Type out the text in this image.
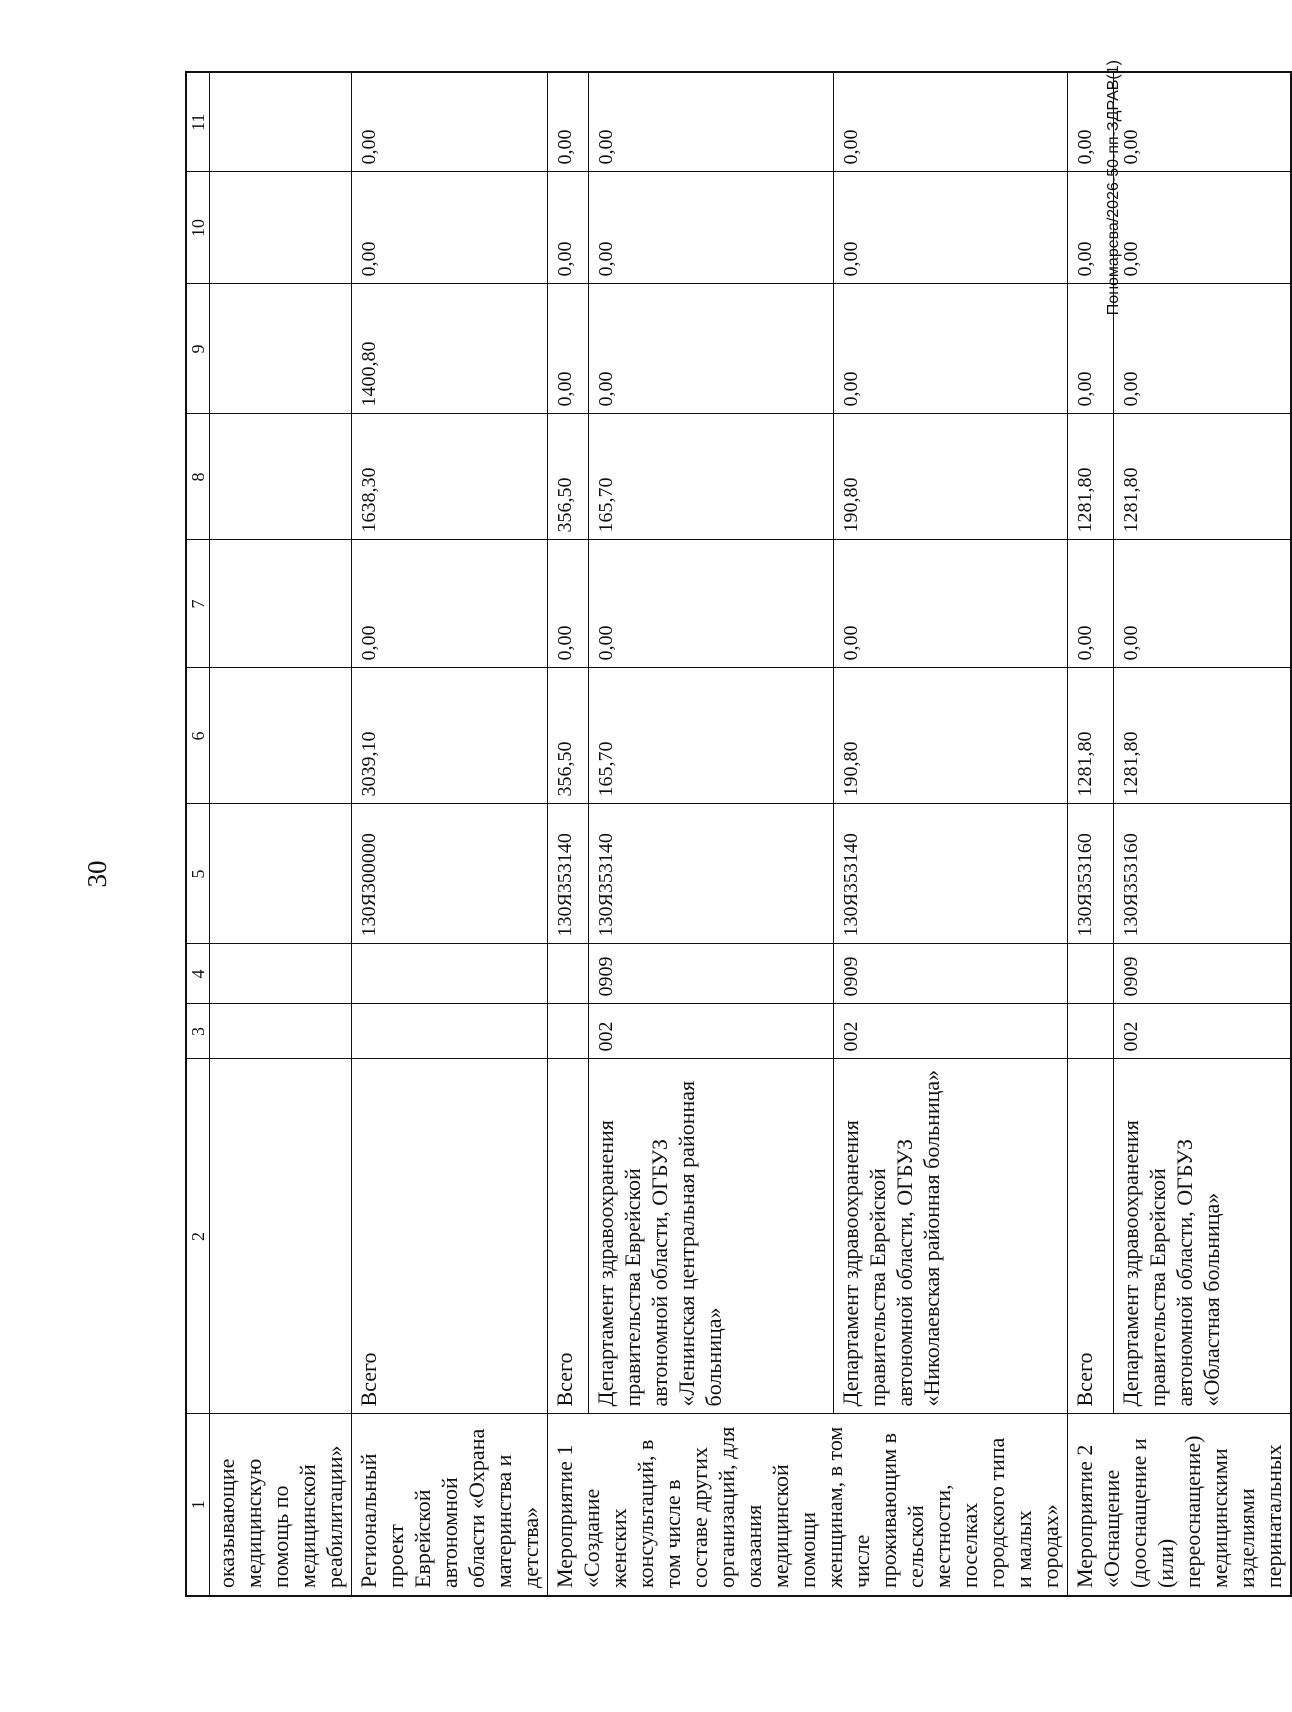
30
1	2	3	4	5	6	7	8	9	10	11
оказывающие медицинскую помощь по медицинской реабилитации»										
Региональный проект Еврейской автономной области «Охрана материнства и детства»	Всего			130Я300000	3039,10	0,00	1638,30	1400,80	0,00	0,00
Мероприятие 1 «Создание женских консультаций, в том числе в составе других организаций, для оказания медицинской помощи женщинам, в том числе проживающим в сельской местности, поселках городского типа и малых городах»	Всего			130Я353140	356,50	0,00	356,50	0,00	0,00	0,00
	Департамент здравоохранения правительства Еврейской автономной области, ОГБУЗ «Ленинская центральная районная больница»	002	0909	130Я353140	165,70	0,00	165,70	0,00	0,00	0,00
	Департамент здравоохранения правительства Еврейской автономной области, ОГБУЗ «Николаевская районная больница»	002	0909	130Я353140	190,80	0,00	190,80	0,00	0,00	0,00
Мероприятие 2 «Оснащение (дооснащение и (или) переоснащение) медицинскими изделиями перинатальных	Всего			130Я353160	1281,80	0,00	1281,80	0,00	0,00	0,00
	Департамент здравоохранения правительства Еврейской автономной области, ОГБУЗ «Областная больница»	002	0909	130Я353160	1281,80	0,00	1281,80	0,00	0,00	0,00
Пономарева/2026-50-пп-ЗДРАВ(1)
